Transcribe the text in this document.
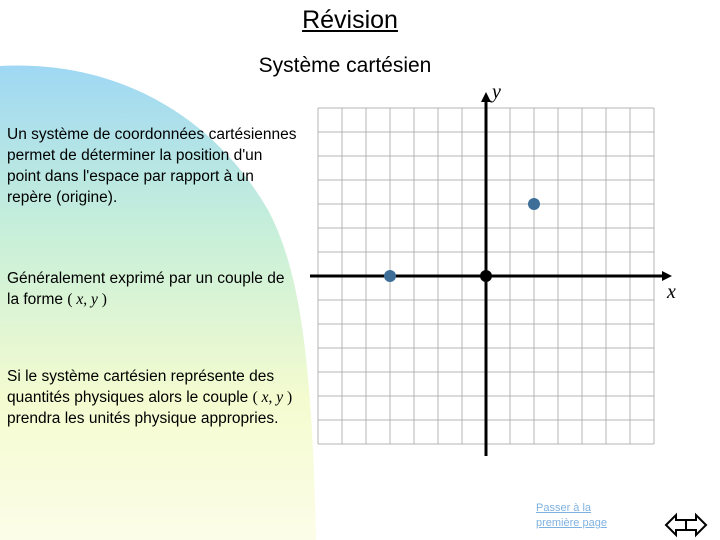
Révision
Système cartésien
Un système de coordonnées cartésiennes permet de déterminer la position d'un point dans l'espace par rapport à un repère (origine).
Généralement exprimé par un couple de la forme ( x, y )
Si le système cartésien représente des quantités physiques alors le couple ( x, y ) prendra les unités physique appropries.
x
y
Passer à la première page
